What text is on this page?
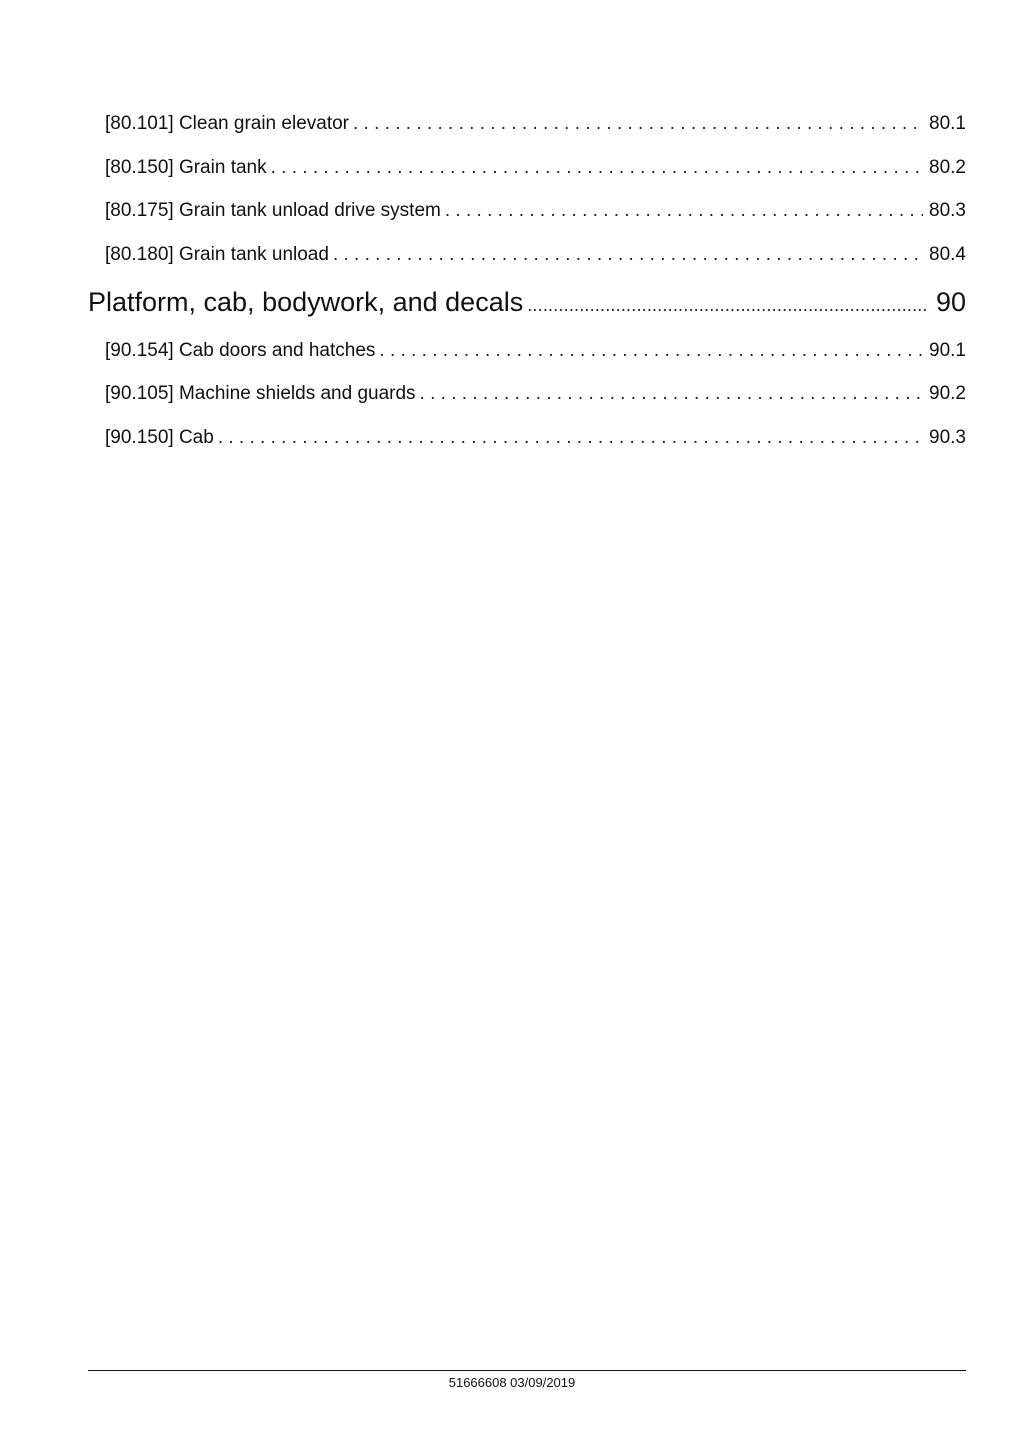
[80.101] Clean grain elevator . . .	80.1
[80.150] Grain tank . . .	80.2
[80.175] Grain tank unload drive system . . .	80.3
[80.180] Grain tank unload . . .	80.4
Platform, cab, bodywork, and decals .....	90
[90.154] Cab doors and hatches . . .	90.1
[90.105] Machine shields and guards . . .	90.2
[90.150] Cab . . .	90.3
51666608 03/09/2019
